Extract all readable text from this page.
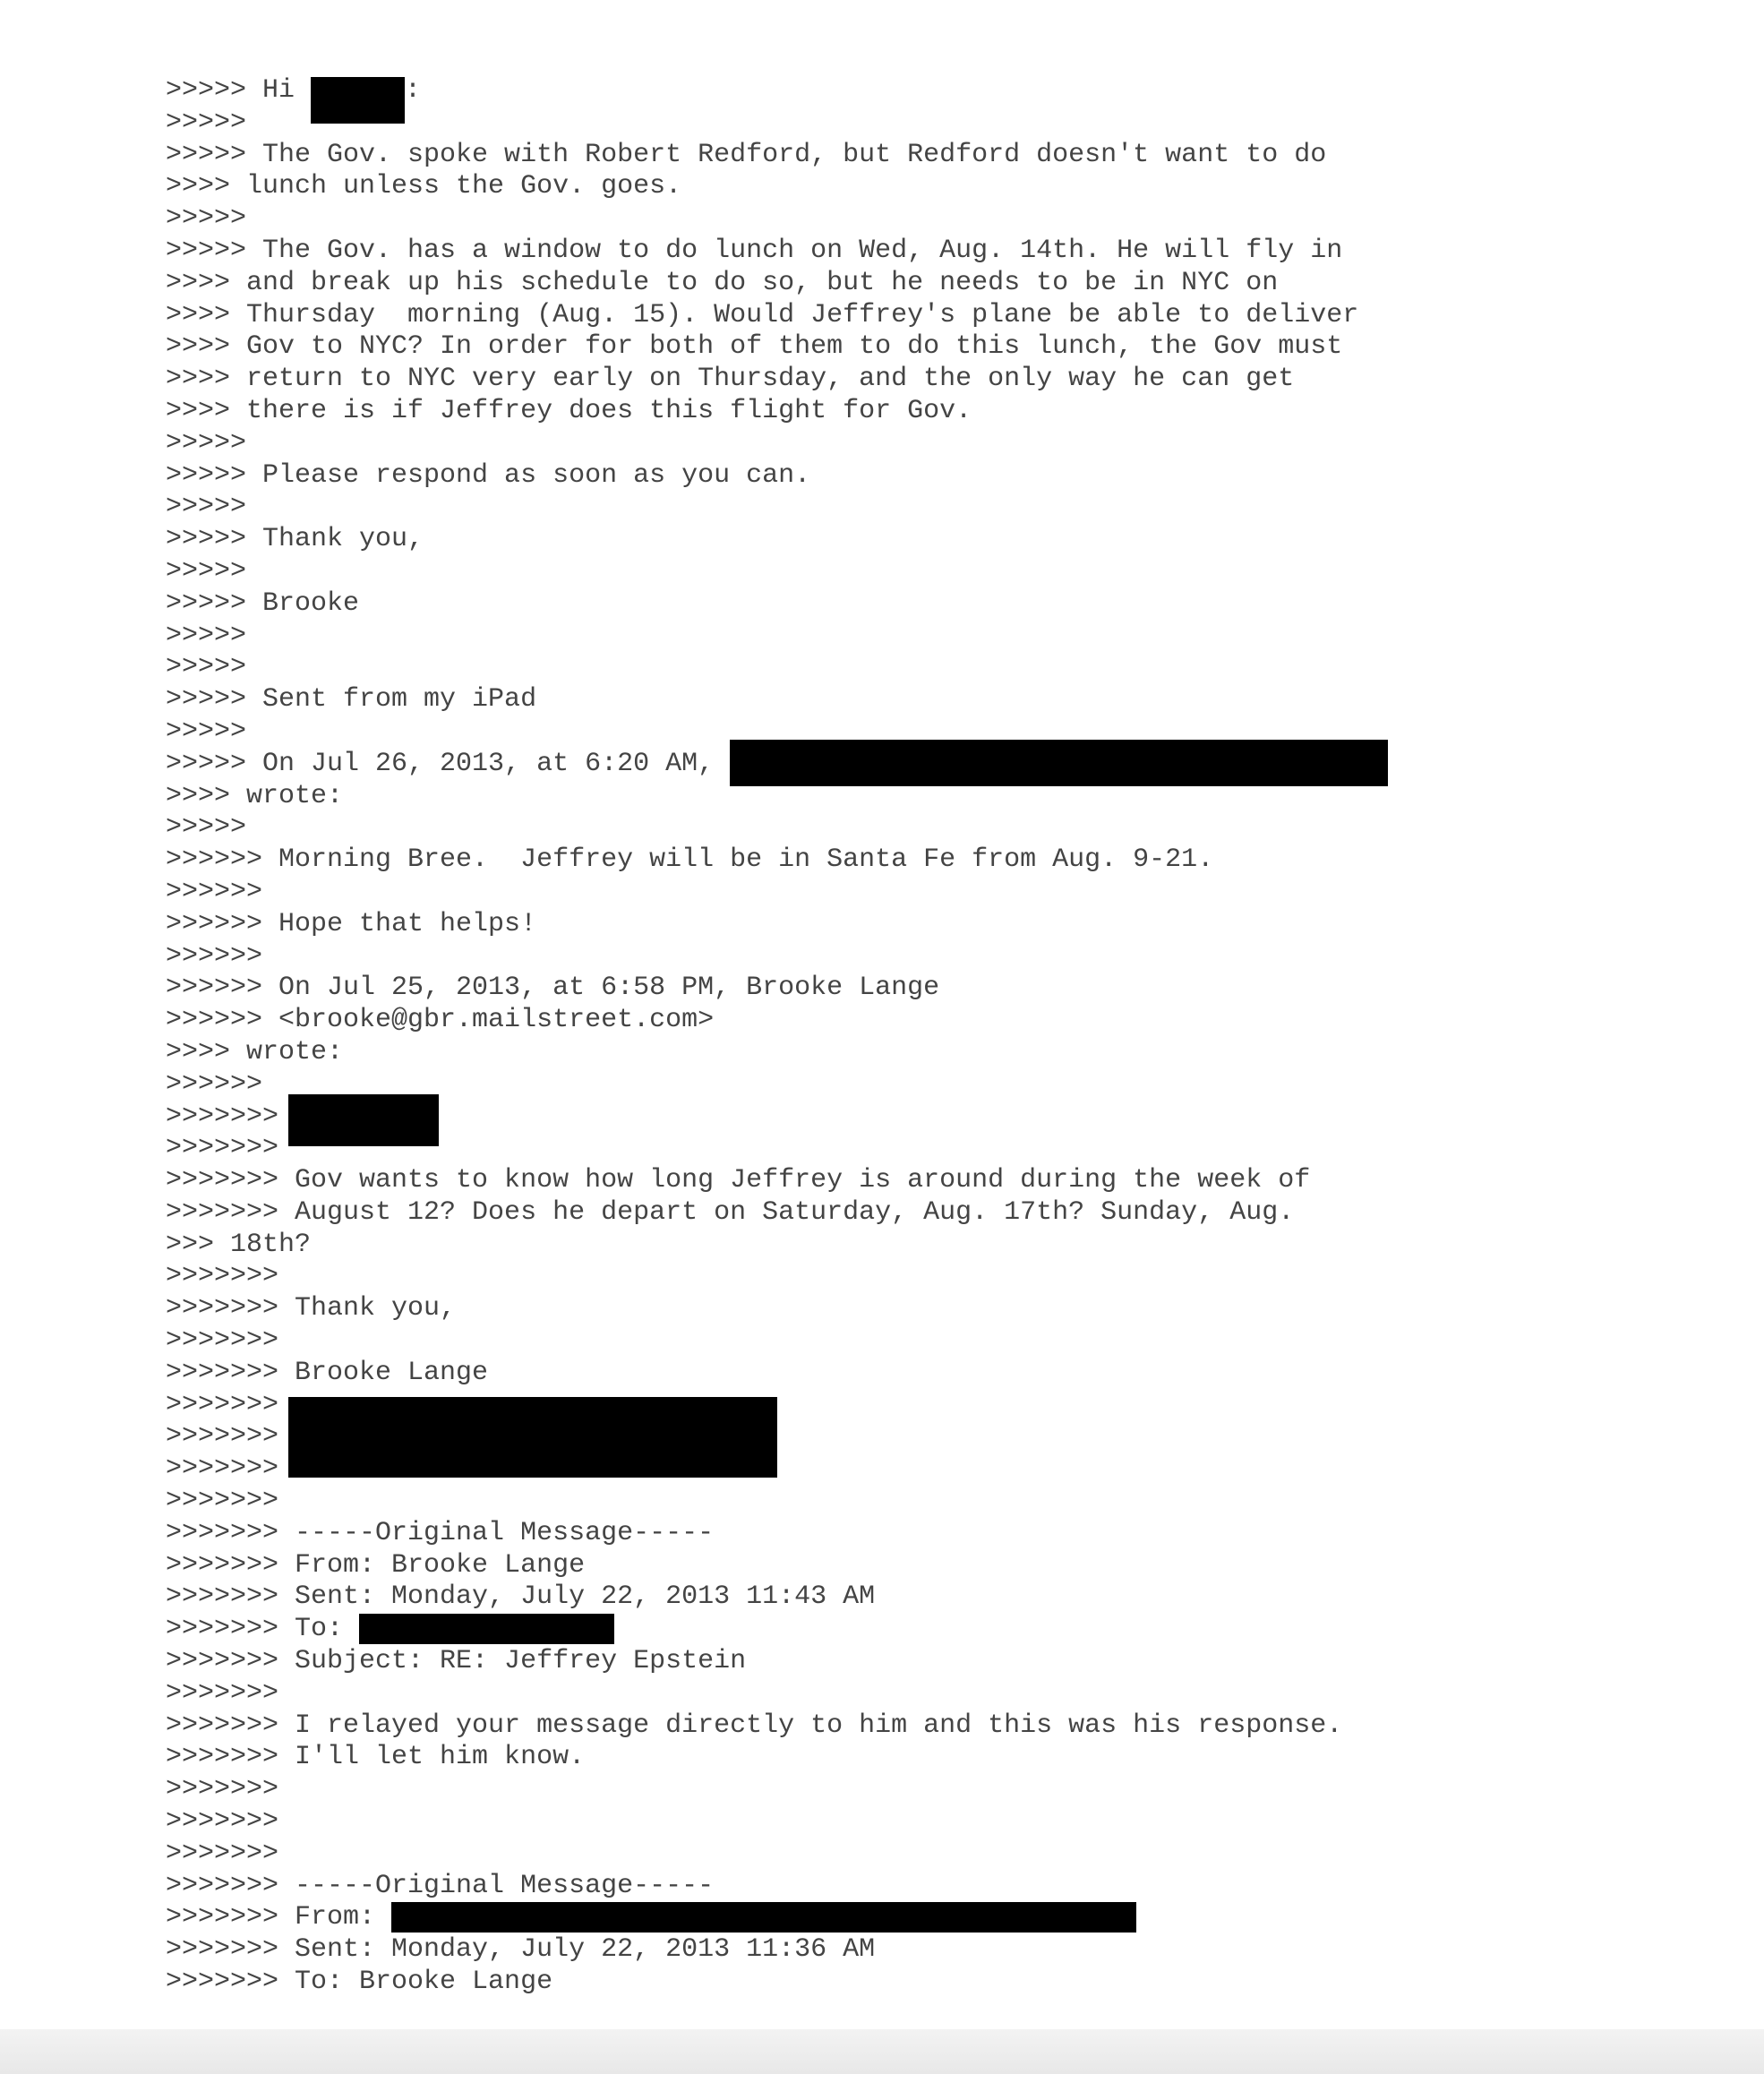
>>>>> Hi	:
>>>>>
>>>>> The Gov. spoke with Robert Redford, but Redford doesn't want to do
>>>> lunch unless the Gov. goes.
>>>>>
>>>>> The Gov. has a window to do lunch on Wed, Aug. 14th. He will fly in
>>>> and break up his schedule to do so, but he needs to be in NYC on
>>>> Thursday  morning (Aug. 15). Would Jeffrey's plane be able to deliver
>>>> Gov to NYC? In order for both of them to do this lunch, the Gov must
>>>> return to NYC very early on Thursday, and the only way he can get
>>>> there is if Jeffrey does this flight for Gov.
>>>>>
>>>>> Please respond as soon as you can.
>>>>>
>>>>> Thank you,
>>>>>
>>>>> Brooke
>>>>>
>>>>>
>>>>> Sent from my iPad
>>>>>
>>>>> On Jul 26, 2013, at 6:20 AM,
>>>> wrote:
>>>>>
>>>>>> Morning Bree.  Jeffrey will be in Santa Fe from Aug. 9-21.
>>>>>>
>>>>>> Hope that helps!
>>>>>>
>>>>>> On Jul 25, 2013, at 6:58 PM, Brooke Lange
>>>>>> <brooke@gbr.mailstreet.com>
>>>> wrote:
>>>>>>
>>>>>>>
>>>>>>>
>>>>>>> Gov wants to know how long Jeffrey is around during the week of
>>>>>>> August 12? Does he depart on Saturday, Aug. 17th? Sunday, Aug.
>>> 18th?
>>>>>>>
>>>>>>> Thank you,
>>>>>>>
>>>>>>> Brooke Lange
>>>>>>>
>>>>>>>
>>>>>>>
>>>>>>>
>>>>>>> -----Original Message-----
>>>>>>> From: Brooke Lange
>>>>>>> Sent: Monday, July 22, 2013 11:43 AM
>>>>>>> To:
>>>>>>> Subject: RE: Jeffrey Epstein
>>>>>>>
>>>>>>> I relayed your message directly to him and this was his response.
>>>>>>> I'll let him know.
>>>>>>>
>>>>>>>
>>>>>>>
>>>>>>> -----Original Message-----
>>>>>>> From:
>>>>>>> Sent: Monday, July 22, 2013 11:36 AM
>>>>>>> To: Brooke Lange
